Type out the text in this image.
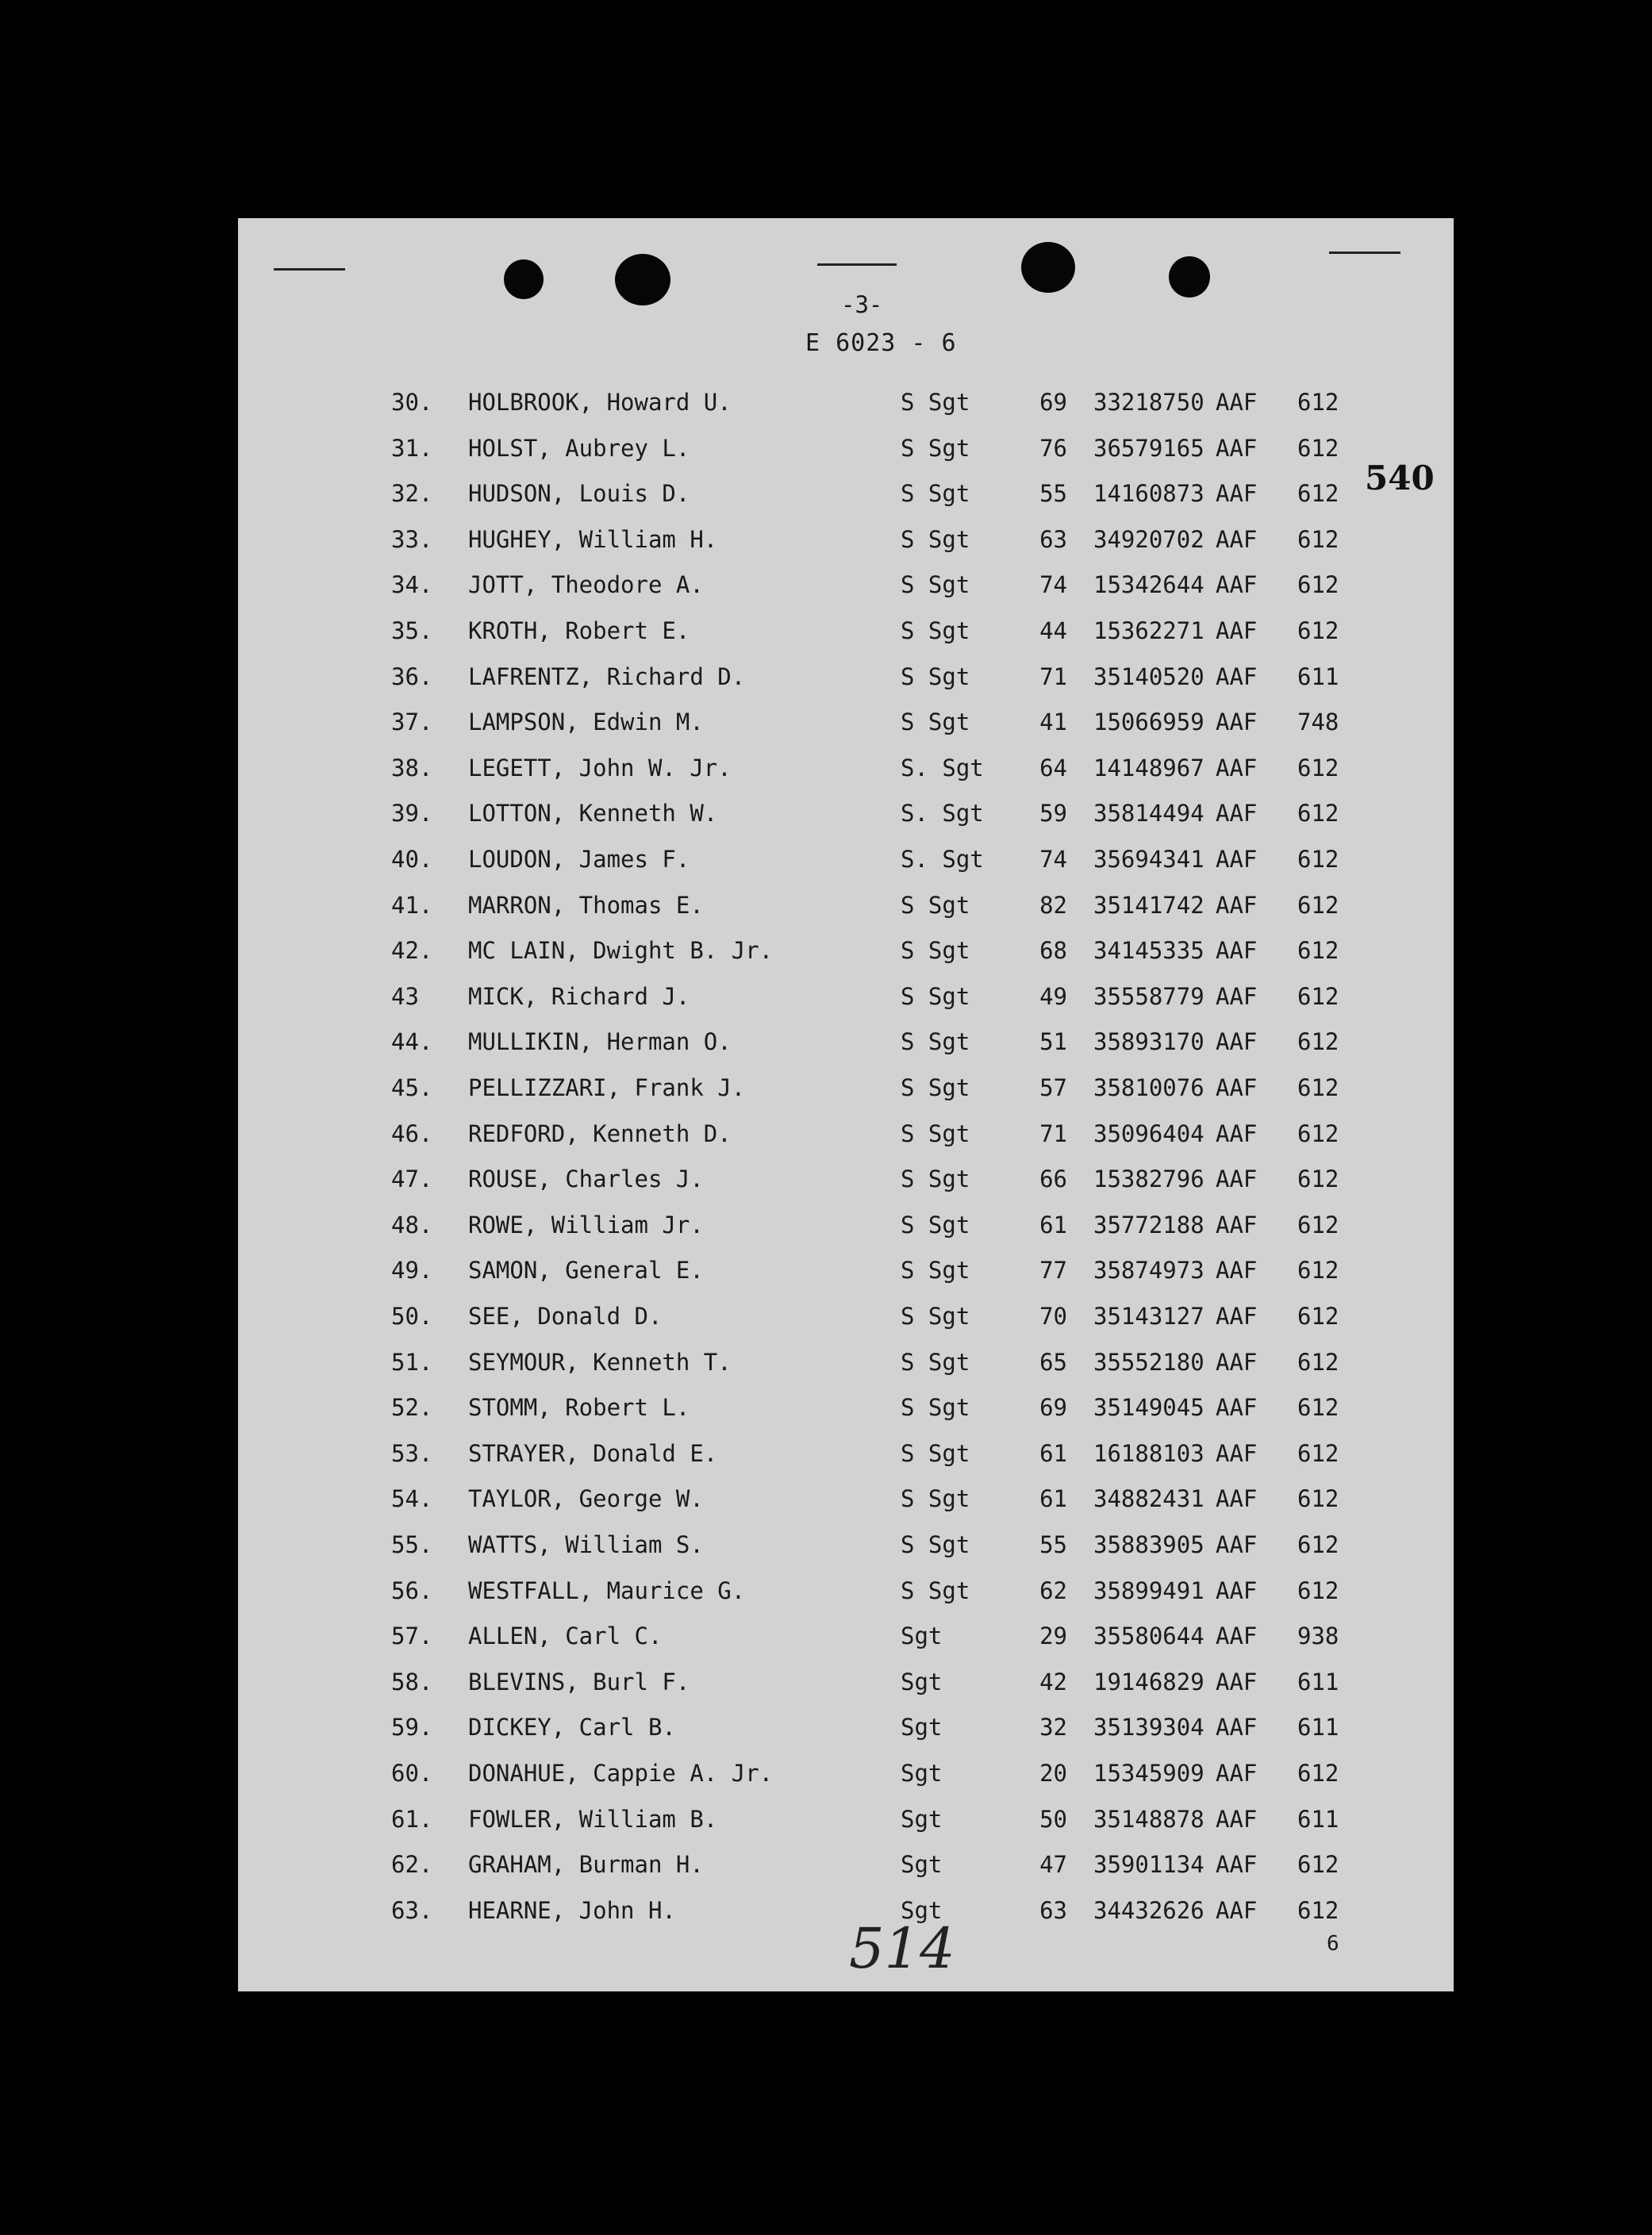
-3-
E 6023 - 6
540
30. HOLBROOK, Howard U.	S Sgt	69 33218750 AAF 612
31. HOLST, Aubrey L.	S Sgt	76 36579165 AAF 612
32. HUDSON, Louis D.	S Sgt	55 14160873 AAF 612
33. HUGHEY, William H.	S Sgt	63 34920702 AAF 612
34. JOTT, Theodore A.	S Sgt	74 15342644 AAF 612
35. KROTH, Robert E.	S Sgt	44 15362271 AAF 612
36. LAFRENTZ, Richard D.	S Sgt	71 35140520 AAF 611
37. LAMPSON, Edwin M.	S Sgt	41 15066959 AAF 748
38. LEGETT, John W. Jr.	S. Sgt	64 14148967 AAF 612
39. LOTTON, Kenneth W.	S. Sgt	59 35814494 AAF 612
40. LOUDON, James F.	S. Sgt	74 35694341 AAF 612
41. MARRON, Thomas E.	S Sgt	82 35141742 AAF 612
42. MC LAIN, Dwight B. Jr.	S Sgt	68 34145335 AAF 612
43 MICK, Richard J.	S Sgt	49 35558779 AAF 612
44. MULLIKIN, Herman O.	S Sgt	51 35893170 AAF 612
45. PELLIZZARI, Frank J.	S Sgt	57 35810076 AAF 612
46. REDFORD, Kenneth D.	S Sgt	71 35096404 AAF 612
47. ROUSE, Charles J.	S Sgt	66 15382796 AAF 612
48. ROWE, William Jr.	S Sgt	61 35772188 AAF 612
49. SAMON, General E.	S Sgt	77 35874973 AAF 612
50. SEE, Donald D.	S Sgt	70 35143127 AAF 612
51. SEYMOUR, Kenneth T.	S Sgt	65 35552180 AAF 612
52. STOMM, Robert L.	S Sgt	69 35149045 AAF 612
53. STRAYER, Donald E.	S Sgt	61 16188103 AAF 612
54. TAYLOR, George W.	S Sgt	61 34882431 AAF 612
55. WATTS, William S.	S Sgt	55 35883905 AAF 612
56. WESTFALL, Maurice G.	S Sgt	62 35899491 AAF 612
57. ALLEN, Carl C.	Sgt	29 35580644 AAF 938
58. BLEVINS, Burl F.	Sgt	42 19146829 AAF 611
59. DICKEY, Carl B.	Sgt	32 35139304 AAF 611
60. DONAHUE, Cappie A. Jr.	Sgt	20 15345909 AAF 612
61. FOWLER, William B.	Sgt	50 35148878 AAF 611
62. GRAHAM, Burman H.	Sgt	47 35901134 AAF 612
63. HEARNE, John H.	Sgt	63 34432626 AAF 612
514	6
